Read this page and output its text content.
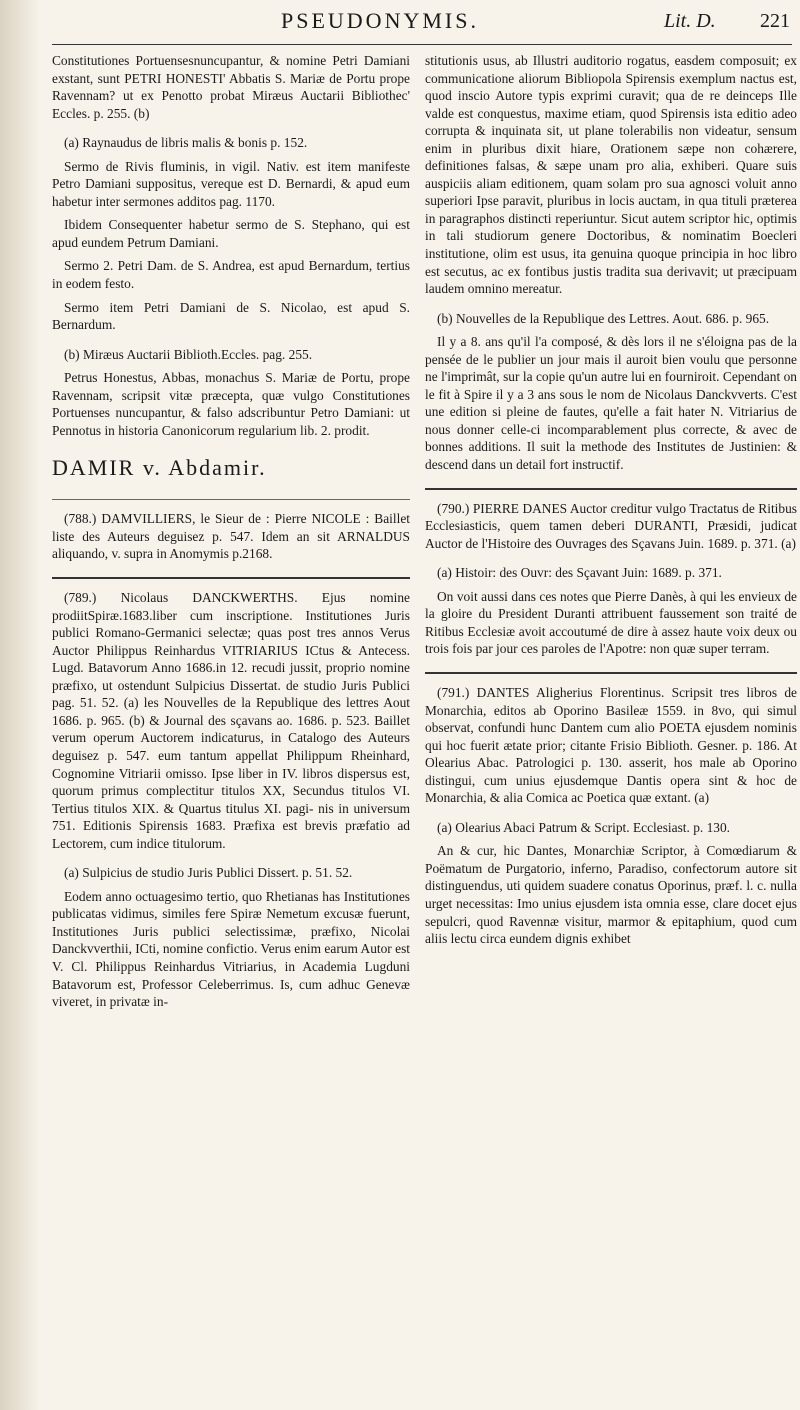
PSEUDONYMIS.	Lit. D. 221

Constitutiones Portuensesnuncupantur, & nomine Petri Damiani exstant, sunt PETRI HONESTI' Abbatis S. Mariæ de Portu prope Ravennam? ut ex Penotto probat Miræus Auctarii Bibliothec' Eccles. p. 255. (b)

(a) Raynaudus de libris malis & bonis p. 152.

Sermo de Rivis fluminis, in vigil. Nativ. est item manifeste Petro Damiani suppositus, vereque est D. Bernardi, & apud eum habetur inter sermones additos pag. 1170.

Ibidem Consequenter habetur sermo de S. Stephano, qui est apud eundem Petrum Damiani.

Sermo 2. Petri Dam. de S. Andrea, est apud Bernardum, tertius in eodem festo.

Sermo item Petri Damiani de S. Nicolao, est apud S. Bernardum.

(b) Miræus Auctarii Biblioth.Eccles. pag. 255.

Petrus Honestus, Abbas, monachus S. Mariæ de Portu, prope Ravennam, scripsit vitæ præcepta, quæ vulgo Constitutiones Portuenses nuncupantur, & falso adscribuntur Petro Damiani: ut Pennotus in historia Canonicorum regularium lib. 2. prodit.

DAMIR v. Abdamir.

(788.) DAMVILLIERS, le Sieur de : Pierre NICOLE : Baillet liste des Auteurs deguisez p. 547. Idem an sit ARNALDUS aliquando, v. supra in Anomymis p.2168.

(789.) Nicolaus DANCKWERTHS. Ejus nomine prodiitSpiræ.1683.liber cum inscriptione. Institutiones Juris publici Romano-Germanici selectæ; quas post tres annos Verus Auctor Philippus Reinhardus VITRIARIUS ICtus & Antecess. Lugd. Batavorum Anno 1686.in 12. recudi jussit, proprio nomine præfixo, ut ostendunt Sulpicius Dissertat. de studio Juris Publici pag. 51. 52. (a) les Nouvelles de la Republique des lettres Aout 1686. p. 965. (b) & Journal des sçavans ao. 1686. p. 523. Baillet verum operum Auctorem indicaturus, in Catalogo des Auteurs deguisez p. 547. eum tantum appellat Philippum Rheinhard, Cognomine Vitriarii omisso. Ipse liber in IV. libros dispersus est, quorum primus complectitur titulos XX, Secundus titulos VI. Tertius titulos XIX. & Quartus titulus XI. pagi- nis in universum 751. Editionis Spirensis 1683. Præfixa est brevis præfatio ad Lectorem, cum indice titulorum.

(a) Sulpicius de studio Juris Publici Dissert. p. 51. 52.

Eodem anno octuagesimo tertio, quo Rhetianas has Institutiones publicatas vidimus, similes fere Spiræ Nemetum excusæ fuerunt, Institutiones Juris publici selectissimæ, præfixo, Nicolai Danckvverthii, ICti, nomine confictio. Verus enim earum Autor est V. Cl. Philippus Reinhardus Vitriarius, in Academia Lugduni Batavorum est, Professor Celeberrimus. Is, cum adhuc Genevæ viveret, in privatæ in-

stitutionis usus, ab Illustri auditorio rogatus, easdem composuit; ex communicatione aliorum Bibliopola Spirensis exemplum nactus est, quod inscio Autore typis exprimi curavit; qua de re deinceps Ille valde est conquestus, maxime etiam, quod Spirensis ista editio adeo corrupta & inquinata sit, ut plane tolerabilis non videatur, sensum enim in pluribus dixit hiare, Orationem sæpe non cohærere, definitiones falsas, & sæpe unam pro alia, exhiberi. Quare suis auspiciis aliam editionem, quam solam pro sua agnosci voluit anno superiori Ipse paravit, pluribus in locis auctam, in qua tituli præterea in paragraphos distincti reperiuntur. Sicut autem scriptor hic, optimis in tali studiorum genere Doctoribus, & nominatim Boecleri institutione, olim est usus, ita genuina quoque principia in hoc libro est secutus, ac ex fontibus justis tradita sua derivavit; ut præcipuam laudem omnino mereatur.

(b) Nouvelles de la Republique des Lettres. Aout. 686. p. 965.

Il y a 8. ans qu'il l'a composé, & dès lors il ne s'éloigna pas de la pensée de le publier un jour mais il auroit bien voulu que personne ne l'imprimât, sur la copie qu'un autre lui en fourniroit. Cependant on le fit à Spire il y a 3 ans sous le nom de Nicolaus Danckvverts. C'est une edition si pleine de fautes, qu'elle a fait hater N. Vitriarius de nous donner celle-ci incomparablement plus correcte, & avec de bonnes additions. Il suit la methode des Institutes de Justinien: & descend dans un detail fort instructif.

(790.) PIERRE DANES Auctor creditur vulgo Tractatus de Ritibus Ecclesiasticis, quem tamen deberi DURANTI, Præsidi, judicat Auctor de l'Histoire des Ouvrages des Sçavans Juin. 1689. p. 371. (a)

(a) Histoir: des Ouvr: des Sçavant Juin: 1689. p. 371.

On voit aussi dans ces notes que Pierre Danès, à qui les envieux de la gloire du President Duranti attribuent faussement son traité de Ritibus Ecclesiæ avoit accoutumé de dire à assez haute voix deux ou trois fois par jour ces paroles de l'Apotre: non quæ super terram.

(791.) DANTES Aligherius Florentinus. Scripsit tres libros de Monarchia, editos ab Oporino Basileæ 1559. in 8vo, qui simul observat, confundi hunc Dantem cum alio POETA ejusdem nominis qui hoc fuerit ætate prior; citante Frisio Biblioth. Gesner. p. 186. At Olearius Abac. Patrologici p. 130. asserit, hos male ab Oporino distingui, cum unius ejusdemque Dantis opera sint & hoc de Monarchia, & alia Comica ac Poetica quæ extant. (a)

(a) Olearius Abaci Patrum & Script. Ecclesiast. p. 130.

An & cur, hic Dantes, Monarchiæ Scriptor, à Comœdiarum & Poëmatum de Purgatorio, inferno, Paradiso, confectorum autore sit distinguendus, uti quidem suadere conatus Oporinus, præf. l. c. nulla urget necessitas: Imo unius ejusdem ista omnia esse, clare docet ejus sepulcri, quod Ravennæ visitur, marmor & epitaphium, quod cum aliis lectu circa eundem dignis exhibet
